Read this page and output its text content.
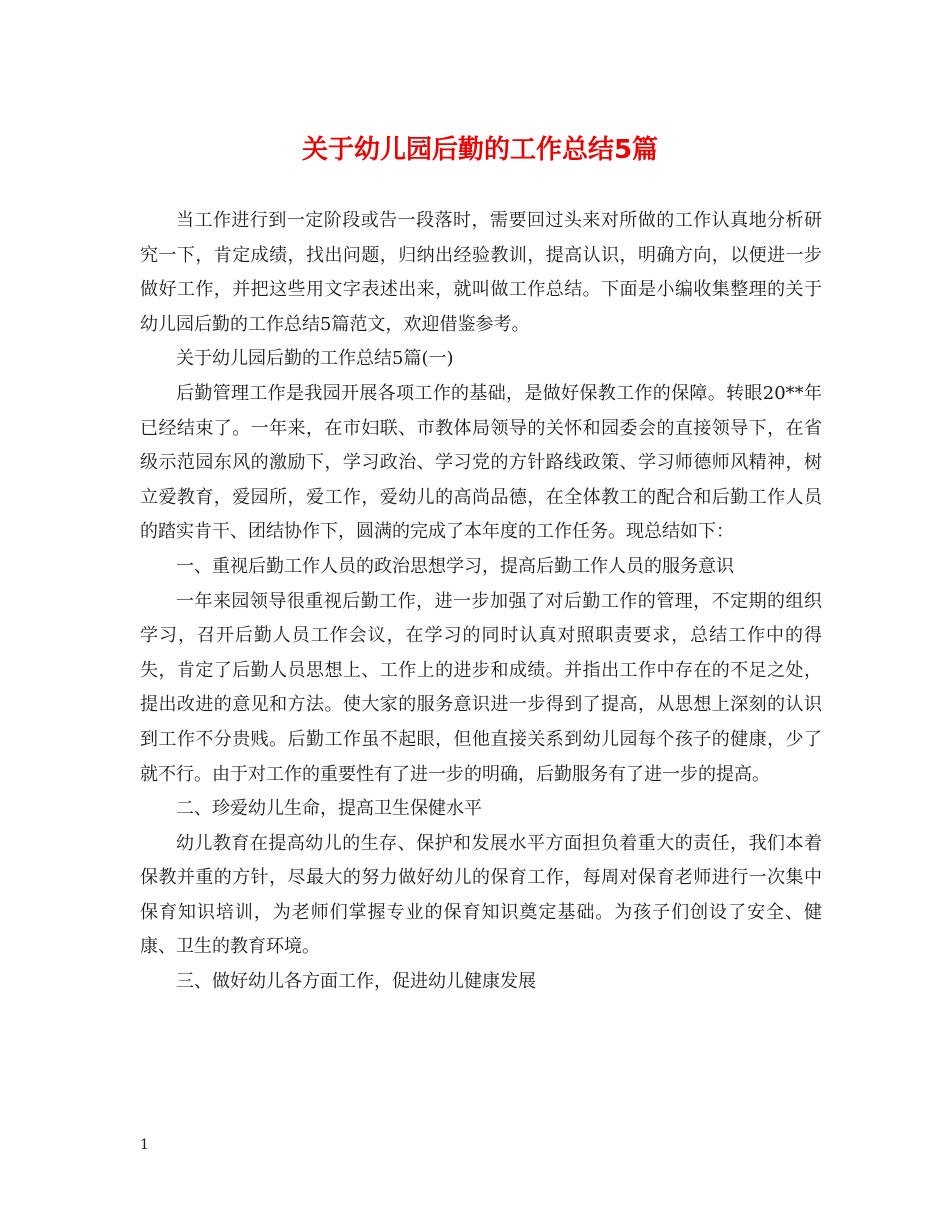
关于幼儿园后勤的工作总结5篇

当工作进行到一定阶段或告一段落时，需要回过头来对所做的工作认真地分析研究一下，肯定成绩，找出问题，归纳出经验教训，提高认识，明确方向，以便进一步做好工作，并把这些用文字表述出来，就叫做工作总结。下面是小编收集整理的关于幼儿园后勤的工作总结5篇范文，欢迎借鉴参考。

关于幼儿园后勤的工作总结5篇(一)

后勤管理工作是我园开展各项工作的基础，是做好保教工作的保障。转眼20**年已经结束了。一年来，在市妇联、市教体局领导的关怀和园委会的直接领导下，在省级示范园东风的激励下，学习政治、学习党的方针路线政策、学习师德师风精神，树立爱教育，爱园所，爱工作，爱幼儿的高尚品德，在全体教工的配合和后勤工作人员的踏实肯干、团结协作下，圆满的完成了本年度的工作任务。现总结如下：

一、重视后勤工作人员的政治思想学习，提高后勤工作人员的服务意识

一年来园领导很重视后勤工作，进一步加强了对后勤工作的管理，不定期的组织学习，召开后勤人员工作会议，在学习的同时认真对照职责要求，总结工作中的得失，肯定了后勤人员思想上、工作上的进步和成绩。并指出工作中存在的不足之处，提出改进的意见和方法。使大家的服务意识进一步得到了提高，从思想上深刻的认识到工作不分贵贱。后勤工作虽不起眼，但他直接关系到幼儿园每个孩子的健康，少了就不行。由于对工作的重要性有了进一步的明确，后勤服务有了进一步的提高。

二、珍爱幼儿生命，提高卫生保健水平

幼儿教育在提高幼儿的生存、保护和发展水平方面担负着重大的责任，我们本着保教并重的方针，尽最大的努力做好幼儿的保育工作，每周对保育老师进行一次集中保育知识培训，为老师们掌握专业的保育知识奠定基础。为孩子们创设了安全、健康、卫生的教育环境。

三、做好幼儿各方面工作，促进幼儿健康发展

1
